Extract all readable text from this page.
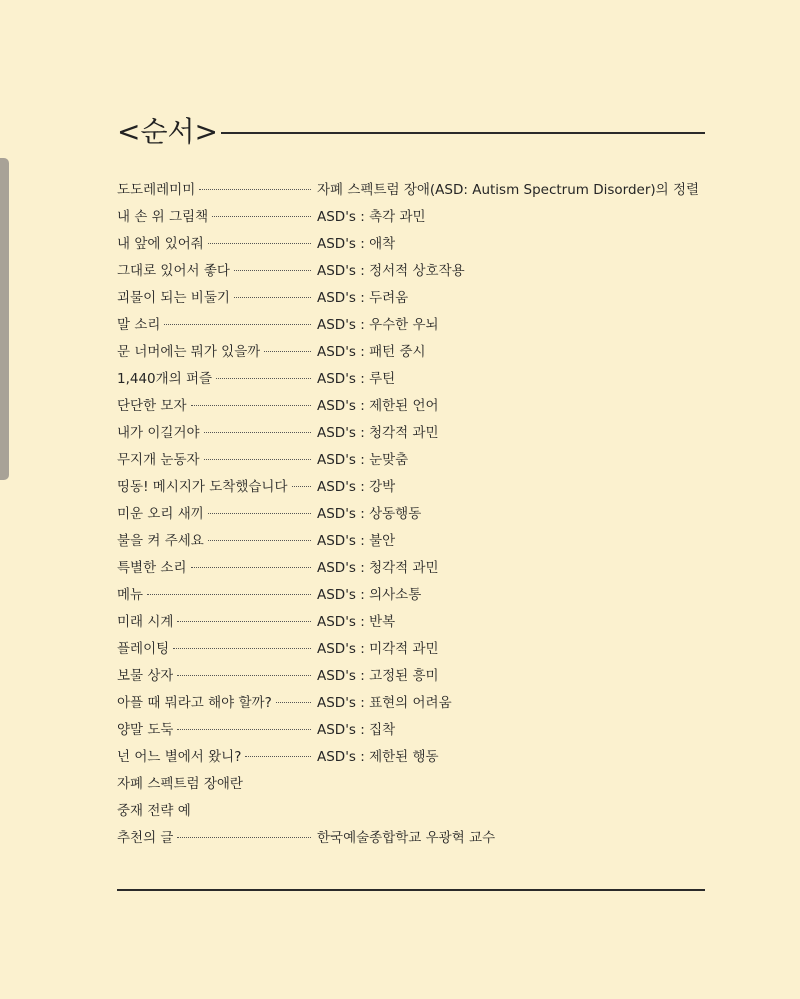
<순서>
도도레레미미	자폐 스펙트럼 장애(ASD: Autism Spectrum Disorder)의 정렬
내 손 위 그림책	ASD's : 촉각 과민
내 앞에 있어줘	ASD's : 애착
그대로 있어서 좋다	ASD's : 정서적 상호작용
괴물이 되는 비둘기	ASD's : 두려움
말 소리	ASD's : 우수한 우뇌
문 너머에는 뭐가 있을까	ASD's : 패턴 중시
1,440개의 퍼즐	ASD's : 루틴
단단한 모자	ASD's : 제한된 언어
내가 이길거야	ASD's : 청각적 과민
무지개 눈동자	ASD's : 눈맞춤
띵동! 메시지가 도착했습니다 ASD's : 강박
미운 오리 새끼	ASD's : 상동행동
불을 켜 주세요	ASD's : 불안
특별한 소리	ASD's : 청각적 과민
메뉴	ASD's : 의사소통
미래 시계	ASD's : 반복
플레이팅	ASD's : 미각적 과민
보물 상자	ASD's : 고정된 흥미
아플 때 뭐라고 해야 할까?	ASD's : 표현의 어려움
양말 도둑	ASD's : 집착
넌 어느 별에서 왔니?	ASD's : 제한된 행동
자폐 스펙트럼 장애란
중재 전략 예
추천의 글	한국예술종합학교 우광혁 교수
